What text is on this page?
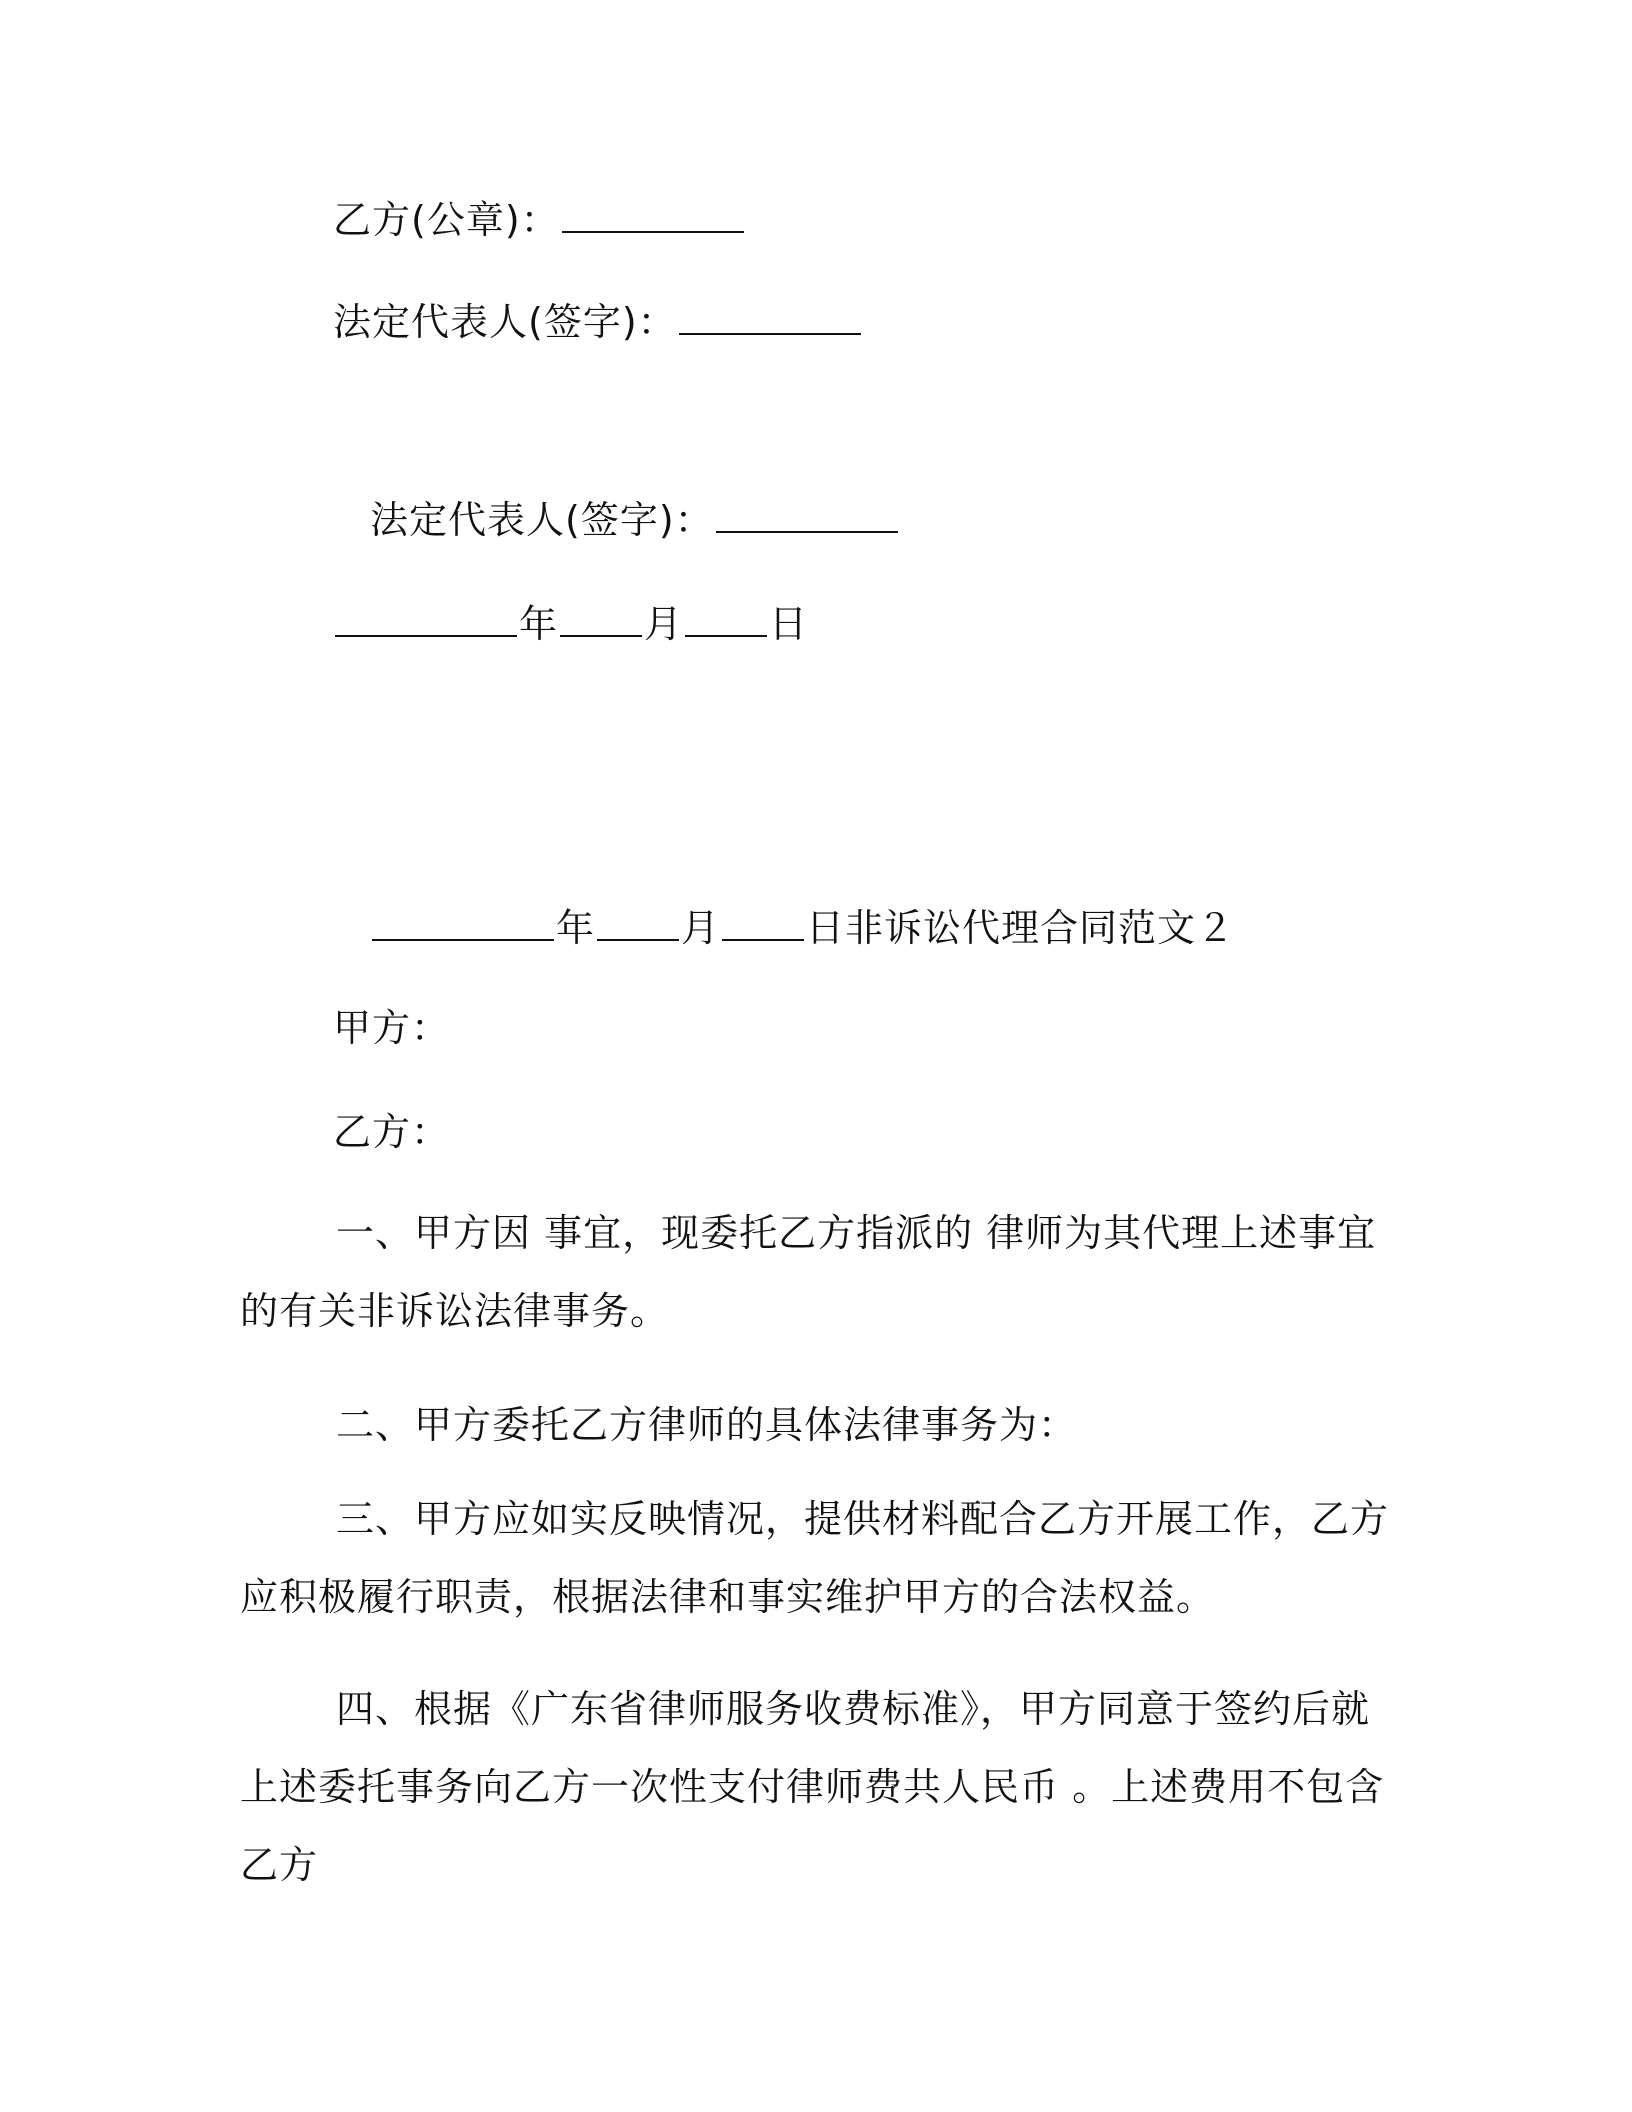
乙方(公章)：
法定代表人(签字)：
法定代表人(签字)：
年 月 日
年 月 日非诉讼代理合同范文２
甲方：
乙方：
一、甲方因 事宜，现委托乙方指派的 律师为其代理上述事宜的有关非诉讼法律事务。
二、甲方委托乙方律师的具体法律事务为：
三、甲方应如实反映情况，提供材料配合乙方开展工作，乙方应积极履行职责，根据法律和事实维护甲方的合法权益。
四、根据《广东省律师服务收费标准》，甲方同意于签约后就上述委托事务向乙方一次性支付律师费共人民币 。上述费用不包含乙方
